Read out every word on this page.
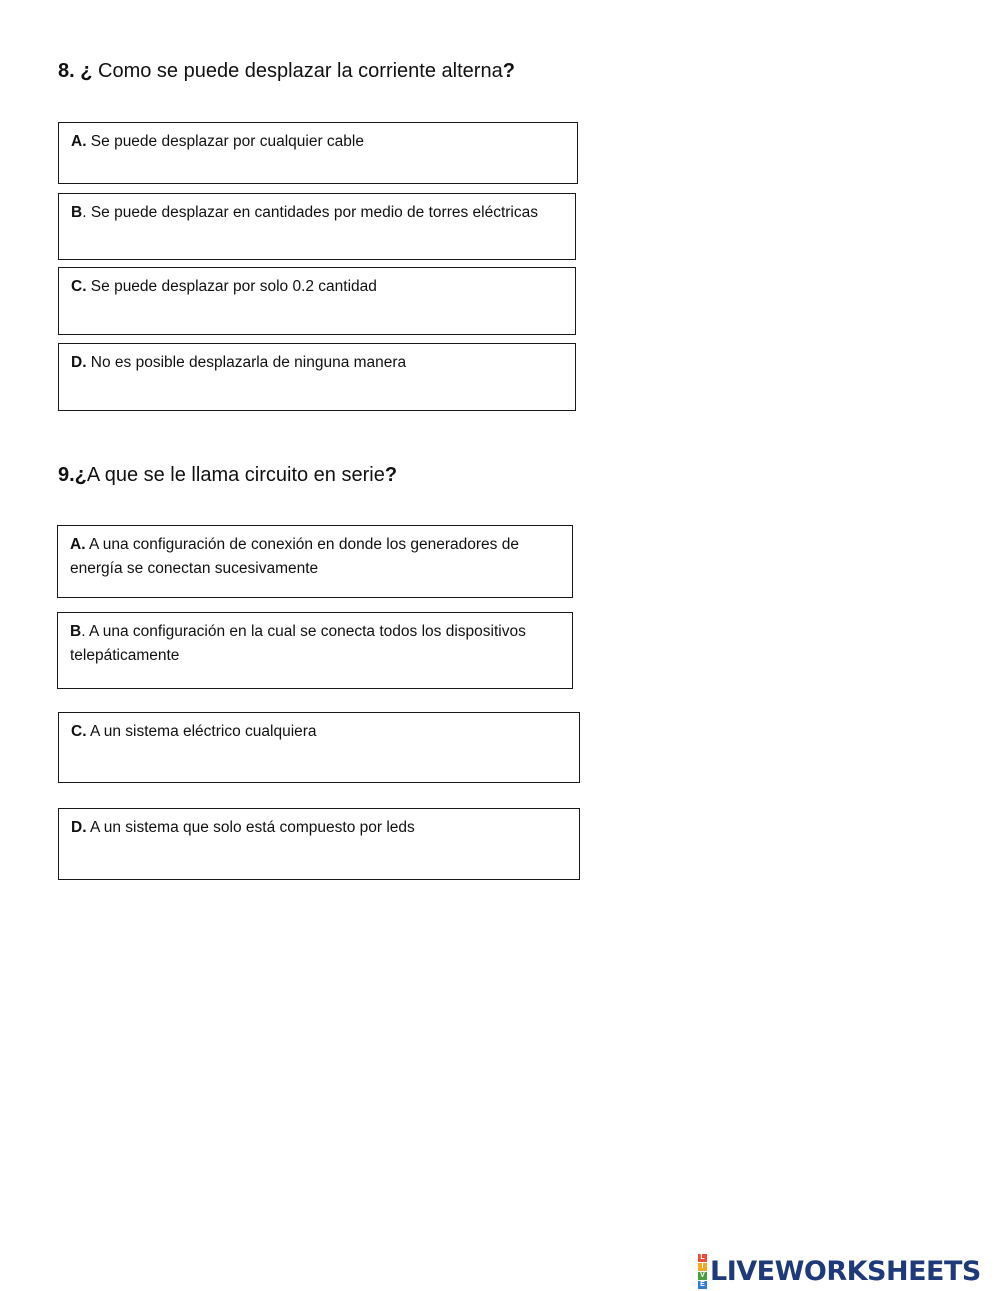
8. ¿ Como se puede desplazar la corriente alterna?
A. Se puede desplazar por cualquier cable
B. Se puede desplazar en cantidades por medio de torres eléctricas
C. Se puede desplazar por solo 0.2 cantidad
D. No es posible desplazarla de ninguna manera
9.¿A que se le llama circuito en serie?
A. A una configuración de conexión en donde los generadores de energía se conectan sucesivamente
B. A una configuración en la cual se conecta todos los dispositivos telepáticamente
C. A un sistema eléctrico cualquiera
D. A un sistema que solo está compuesto por leds
L
I
V
E LIVEWORKSHEETS
